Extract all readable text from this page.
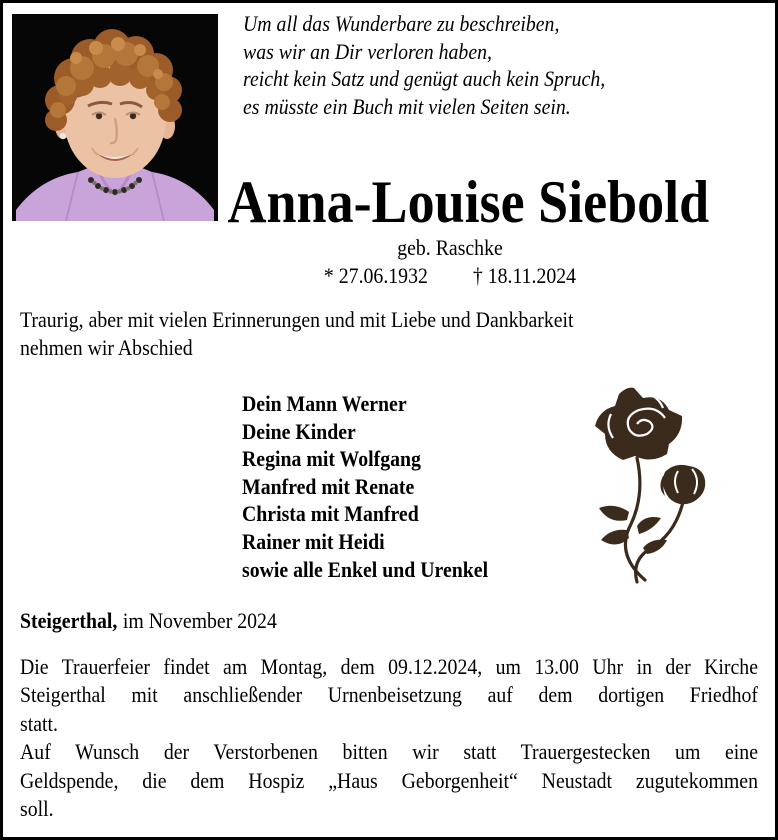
Um all das Wunderbare zu beschreiben,
was wir an Dir verloren haben,
reicht kein Satz und genügt auch kein Spruch,
es müsste ein Buch mit vielen Seiten sein.
Anna-Louise Siebold
geb. Raschke
* 27.06.1932 † 18.11.2024
Traurig, aber mit vielen Erinnerungen und mit Liebe und Dankbarkeit
nehmen wir Abschied
Dein Mann Werner
Deine Kinder
Regina mit Wolfgang
Manfred mit Renate
Christa mit Manfred
Rainer mit Heidi
sowie alle Enkel und Urenkel
Steigerthal, im November 2024
Die Trauerfeier findet am Montag, dem 09.12.2024, um 13.00 Uhr in der Kirche
Steigerthal mit anschließender Urnenbeisetzung auf dem dortigen Friedhof
statt.
Auf Wunsch der Verstorbenen bitten wir statt Trauergestecken um eine
Geldspende, die dem Hospiz „Haus Geborgenheit“ Neustadt zugutekommen
soll.
